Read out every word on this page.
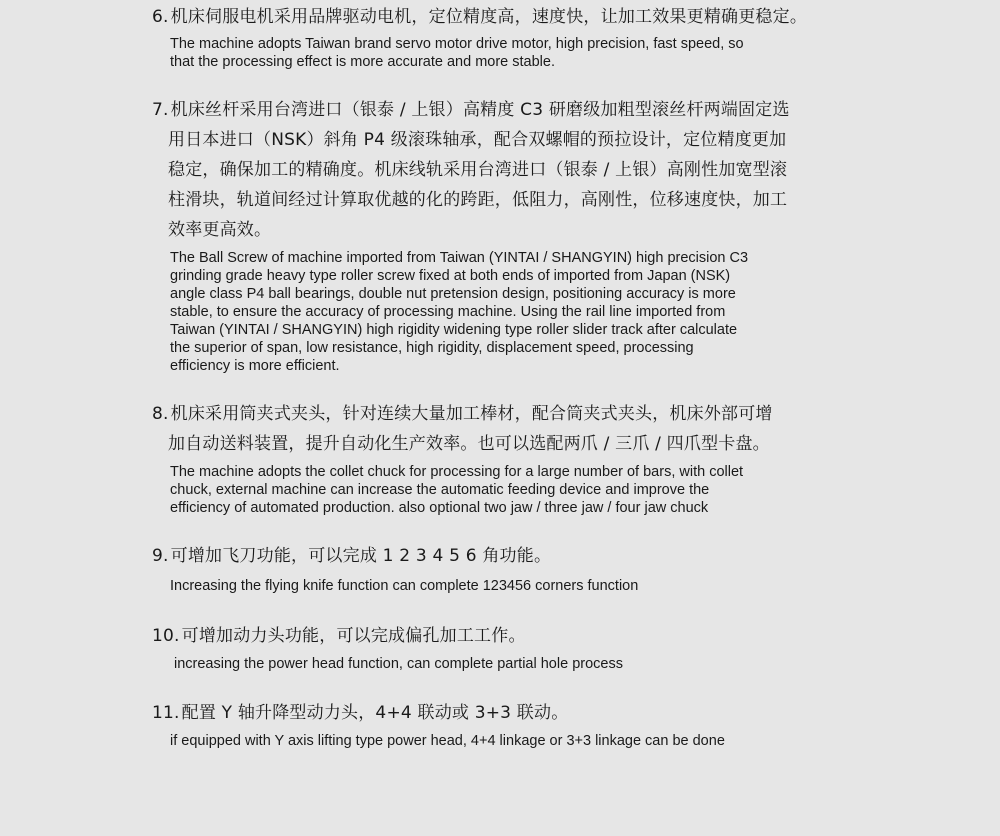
6. 机床伺服电机采用品牌驱动电机，定位精度高，速度快，让加工效果更精确更稳定。
The machine adopts Taiwan brand servo motor drive motor, high precision, fast speed, so
that the processing effect is more accurate and more stable.
7. 机床丝杆采用台湾进口（银泰 / 上银）高精度 C3 研磨级加粗型滚丝杆两端固定选
用日本进口（NSK）斜角 P4 级滚珠轴承，配合双螺帽的预拉设计，定位精度更加
稳定，确保加工的精确度。机床线轨采用台湾进口（银泰 / 上银）高刚性加宽型滚
柱滑块，轨道间经过计算取优越的化的跨距，低阻力，高刚性，位移速度快，加工
效率更高效。
The Ball Screw of machine imported from Taiwan (YINTAI / SHANGYIN) high precision C3
grinding grade heavy type roller screw fixed at both ends of imported from Japan (NSK)
angle class P4 ball bearings, double nut pretension design, positioning accuracy is more
stable, to ensure the accuracy of processing machine. Using the rail line imported from
Taiwan (YINTAI / SHANGYIN) high rigidity widening type roller slider track after calculate
the superior of span, low resistance, high rigidity, displacement speed, processing
efficiency is more efficient.
8. 机床采用筒夹式夹头，针对连续大量加工棒材，配合筒夹式夹头，机床外部可增
加自动送料装置，提升自动化生产效率。也可以选配两爪 / 三爪 / 四爪型卡盘。
The machine adopts the collet chuck for processing for a large number of bars, with collet
chuck, external machine can increase the automatic feeding device and improve the
efficiency of automated production. also optional two jaw / three jaw / four jaw chuck
9. 可增加飞刀功能，可以完成 1 2 3 4 5 6 角功能。
Increasing the flying knife function can complete 123456 corners function
10. 可增加动力头功能，可以完成偏孔加工工作。
increasing the power head function, can complete partial hole process
11. 配置 Y 轴升降型动力头，4+4 联动或 3+3 联动。
if equipped with Y axis lifting type power head, 4+4 linkage or 3+3 linkage can be done
